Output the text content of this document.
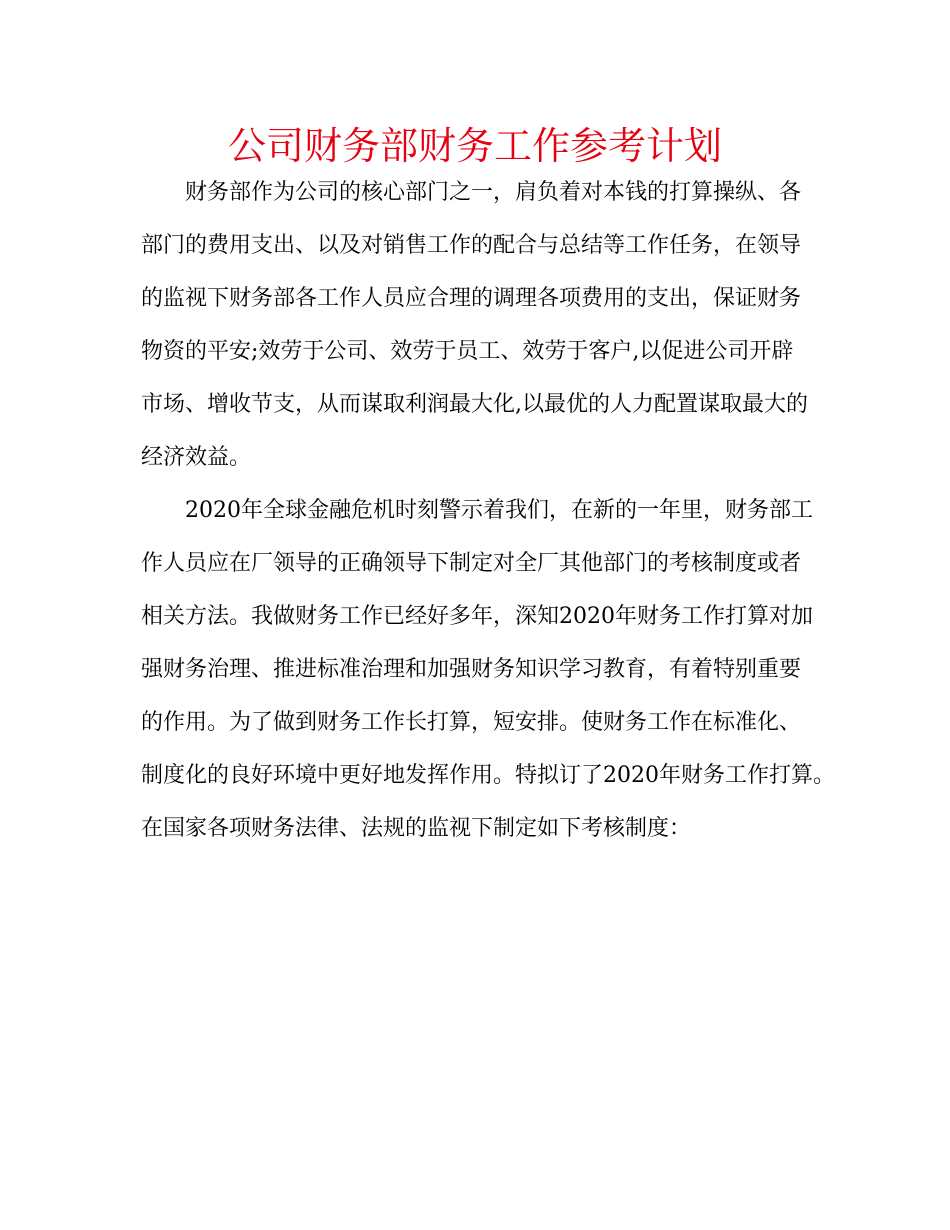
公司财务部财务工作参考计划

财务部作为公司的核心部门之一，肩负着对本钱的打算操纵、各

部门的费用支出、以及对销售工作的配合与总结等工作任务，在领导

的监视下财务部各工作人员应合理的调理各项费用的支出，保证财务

物资的平安;效劳于公司、效劳于员工、效劳于客户,以促进公司开辟

市场、增收节支，从而谋取利润最大化,以最优的人力配置谋取最大的

经济效益。

2020年全球金融危机时刻警示着我们，在新的一年里，财务部工

作人员应在厂领导的正确领导下制定对全厂其他部门的考核制度或者

相关方法。我做财务工作已经好多年，深知2020年财务工作打算对加

强财务治理、推进标准治理和加强财务知识学习教育，有着特别重要

的作用。为了做到财务工作长打算，短安排。使财务工作在标准化、

制度化的良好环境中更好地发挥作用。特拟订了2020年财务工作打算。

在国家各项财务法律、法规的监视下制定如下考核制度：
